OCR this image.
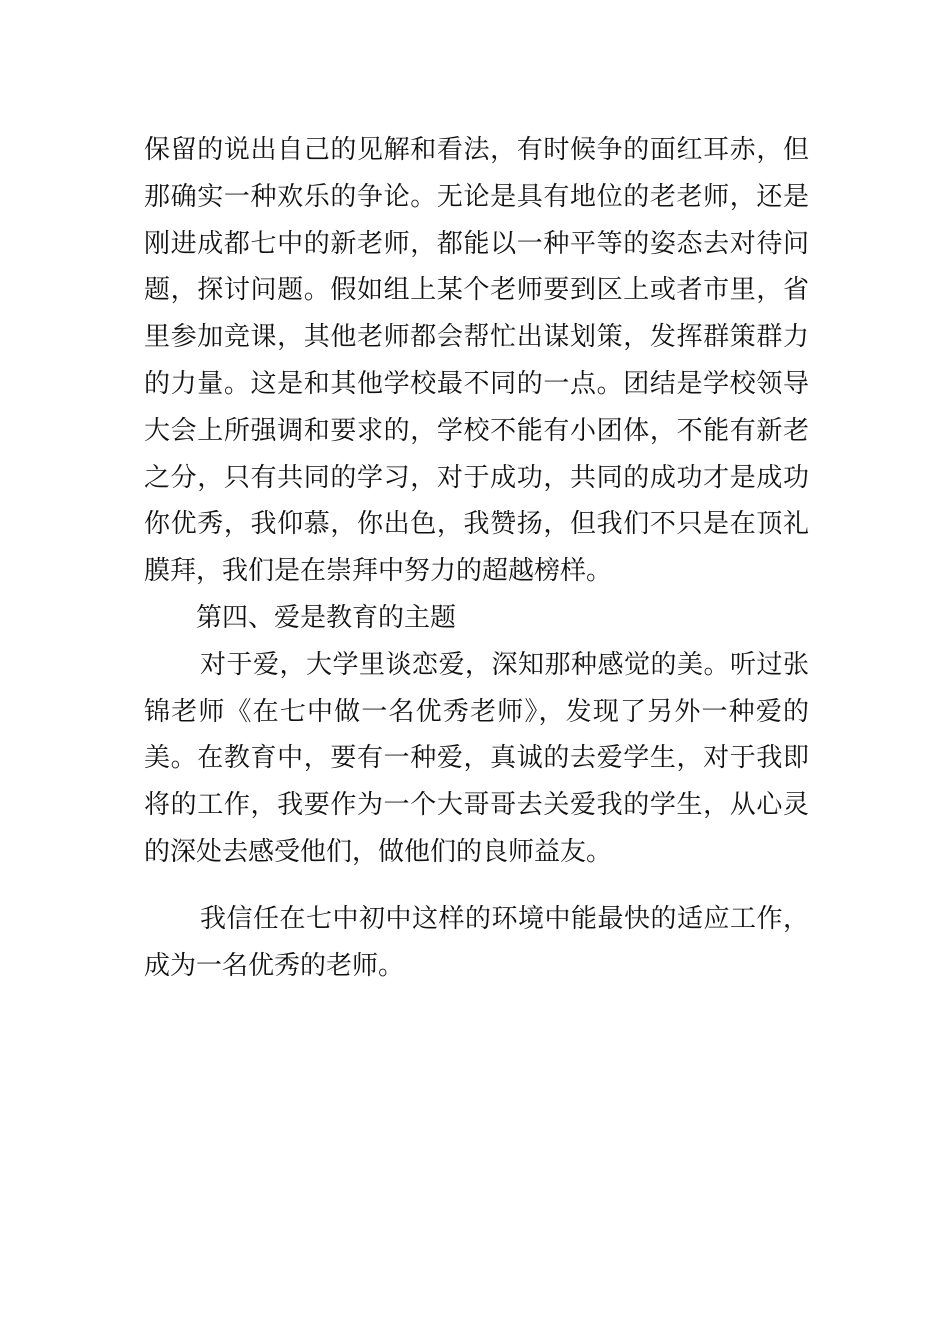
保留的说出自己的见解和看法，有时候争的面红耳赤，但
那确实一种欢乐的争论。无论是具有地位的老老师，还是
刚进成都七中的新老师，都能以一种平等的姿态去对待问
题，探讨问题。假如组上某个老师要到区上或者市里，省
里参加竞课，其他老师都会帮忙出谋划策，发挥群策群力
的力量。这是和其他学校最不同的一点。团结是学校领导
大会上所强调和要求的，学校不能有小团体，不能有新老
之分，只有共同的学习，对于成功，共同的成功才是成功
你优秀，我仰慕，你出色，我赞扬，但我们不只是在顶礼
膜拜，我们是在崇拜中努力的超越榜样。
第四、爱是教育的主题
对于爱，大学里谈恋爱，深知那种感觉的美。听过张
锦老师《在七中做一名优秀老师》，发现了另外一种爱的
美。在教育中，要有一种爱，真诚的去爱学生，对于我即
将的工作，我要作为一个大哥哥去关爱我的学生，从心灵
的深处去感受他们，做他们的良师益友。
我信任在七中初中这样的环境中能最快的适应工作，
成为一名优秀的老师。
